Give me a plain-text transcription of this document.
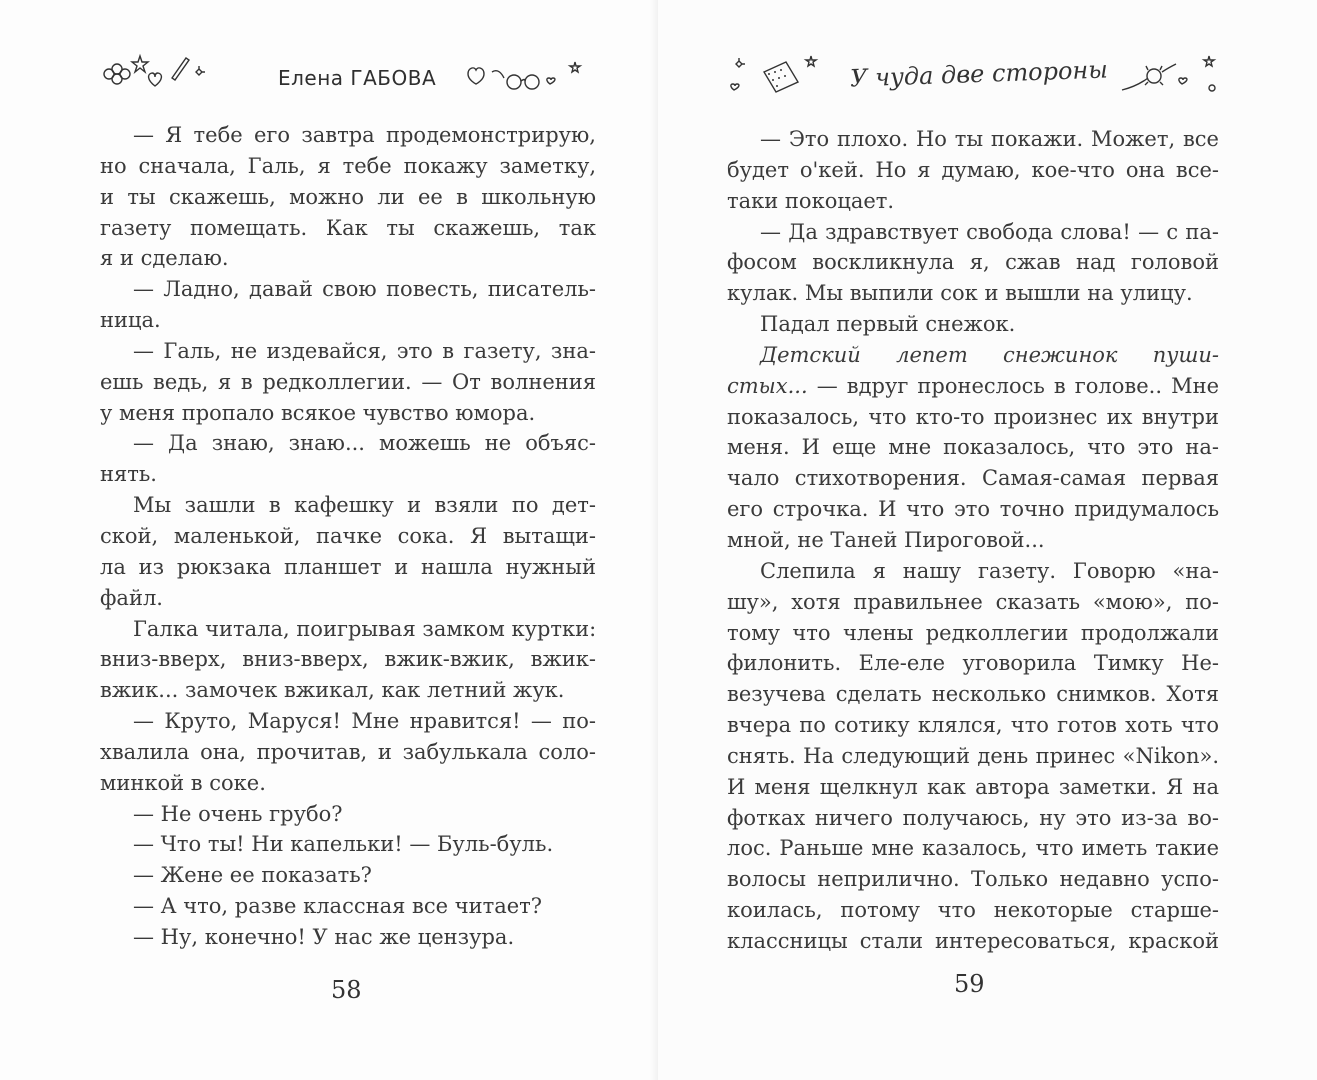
Елена ГАБОВА
— Я тебе его завтра продемонстрирую,
но сначала, Галь, я тебе покажу заметку,
и ты скажешь, можно ли ее в школьную
газету помещать. Как ты скажешь, так
я и сделаю.
— Ладно, давай свою повесть, писатель-
ница.
— Галь, не издевайся, это в газету, зна-
ешь ведь, я в редколлегии. — От волнения
у меня пропало всякое чувство юмора.
— Да знаю, знаю... можешь не объяс-
нять.
Мы зашли в кафешку и взяли по дет-
ской, маленькой, пачке сока. Я вытащи-
ла из рюкзака планшет и нашла нужный
файл.
Галка читала, поигрывая замком куртки:
вниз-вверх, вниз-вверх, вжик-вжик, вжик-
вжик... замочек вжикал, как летний жук.
— Круто, Маруся! Мне нравится! — по-
хвалила она, прочитав, и забулькала соло-
минкой в соке.
— Не очень грубо?
— Что ты! Ни капельки! — Буль-буль.
— Жене ее показать?
— А что, разве классная все читает?
— Ну, конечно! У нас же цензура.
58
У чуда две стороны
— Это плохо. Но ты покажи. Может, все
будет о'кей. Но я думаю, кое-что она все-
таки покоцает.
— Да здравствует свобода слова! — с па-
фосом воскликнула я, сжав над головой
кулак. Мы выпили сок и вышли на улицу.
Падал первый снежок.
Детский лепет снежинок пуши-
стых... — вдруг пронеслось в голове.. Мне
показалось, что кто-то произнес их внутри
меня. И еще мне показалось, что это на-
чало стихотворения. Самая-самая первая
его строчка. И что это точно придумалось
мной, не Таней Пироговой...
Слепила я нашу газету. Говорю «на-
шу», хотя правильнее сказать «мою», по-
тому что члены редколлегии продолжали
филонить. Еле-еле уговорила Тимку Не-
везучева сделать несколько снимков. Хотя
вчера по сотику клялся, что готов хоть что
снять. На следующий день принес «Nikon».
И меня щелкнул как автора заметки. Я на
фотках ничего получаюсь, ну это из-за во-
лос. Раньше мне казалось, что иметь такие
волосы неприлично. Только недавно успо-
коилась, потому что некоторые старше-
классницы стали интересоваться, краской
59
